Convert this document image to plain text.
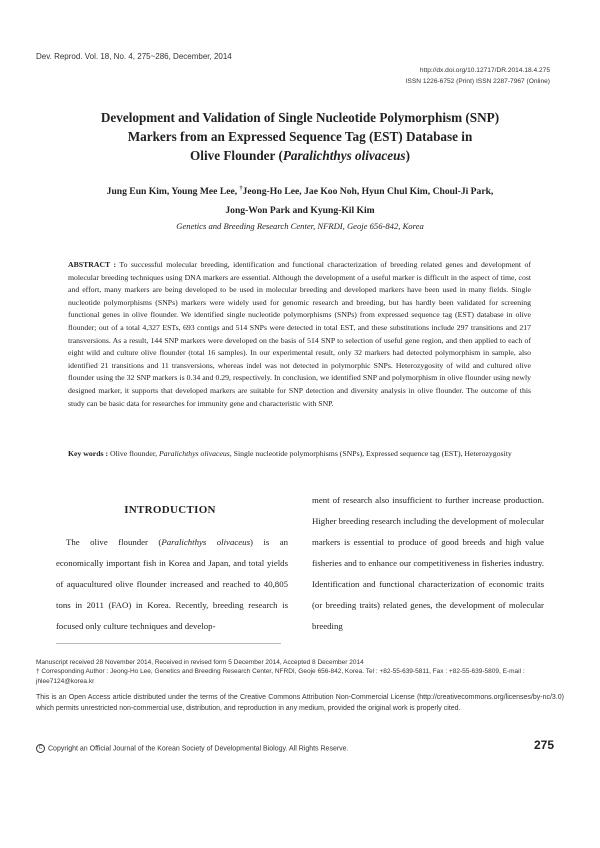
Dev. Reprod. Vol. 18, No. 4, 275~286, December, 2014
http://dx.doi.org/10.12717/DR.2014.18.4.275
ISSN 1226-6752 (Print) ISSN 2287-7967 (Online)
Development and Validation of Single Nucleotide Polymorphism (SNP)
Markers from an Expressed Sequence Tag (EST) Database in
Olive Flounder (Paralichthys olivaceus)
Jung Eun Kim, Young Mee Lee, †Jeong-Ho Lee, Jae Koo Noh, Hyun Chul Kim, Choul-Ji Park,
Jong-Won Park and Kyung-Kil Kim
Genetics and Breeding Research Center, NFRDI, Geoje 656-842, Korea
ABSTRACT : To successful molecular breeding, identification and functional characterization of breeding related genes and development of molecular breeding techniques using DNA markers are essential. Although the development of a useful marker is difficult in the aspect of time, cost and effort, many markers are being developed to be used in molecular breeding and developed markers have been used in many fields. Single nucleotide polymorphisms (SNPs) markers were widely used for genomic research and breeding, but has hardly been validated for screening functional genes in olive flounder. We identified single nucleotide polymorphisms (SNPs) from expressed sequence tag (EST) database in olive flounder; out of a total 4,327 ESTs, 693 contigs and 514 SNPs were detected in total EST, and these substitutions include 297 transitions and 217 transversions. As a result, 144 SNP markers were developed on the basis of 514 SNP to selection of useful gene region, and then applied to each of eight wild and culture olive flounder (total 16 samples). In our experimental result, only 32 markers had detected polymorphism in sample, also identified 21 transitions and 11 transversions, whereas indel was not detected in polymorphic SNPs. Heterozygosity of wild and cultured olive flounder using the 32 SNP markers is 0.34 and 0.29, respectively. In conclusion, we identified SNP and polymorphism in olive flounder using newly designed marker, it supports that developed markers are suitable for SNP detection and diversity analysis in olive flounder. The outcome of this study can be basic data for researches for immunity gene and characteristic with SNP.
Key words : Olive flounder, Paralichthys olivaceus, Single nucleotide polymorphisms (SNPs), Expressed sequence tag (EST), Heterozygosity
INTRODUCTION
The olive flounder (Paralichthys olivaceus) is an economically important fish in Korea and Japan, and total yields of aquacultured olive flounder increased and reached to 40,805 tons in 2011 (FAO) in Korea. Recently, breeding research is focused only culture techniques and develop-
ment of research also insufficient to further increase production. Higher breeding research including the development of molecular markers is essential to produce of good breeds and high value fisheries and to enhance our competitiveness in fisheries industry. Identification and functional characterization of economic traits (or breeding traits) related genes, the development of molecular breeding
Manuscript received 28 November 2014, Received in revised form 5 December 2014, Accepted 8 December 2014
† Corresponding Author : Jeong-Ho Lee, Genetics and Breeding Research Center, NFRDI, Geoje 656-842, Korea. Tel : +82-55-639-5811, Fax : +82-55-639-5809, E-mail : jhlee7124@korea.kr
This is an Open Access article distributed under the terms of the Creative Commons Attribution Non-Commercial License (http://creativecommons.org/licenses/by-nc/3.0) which permits unrestricted non-commercial use, distribution, and reproduction in any medium, provided the original work is properly cited.
C Copyright an Official Journal of the Korean Society of Developmental Biology. All Rights Reserve.	275
